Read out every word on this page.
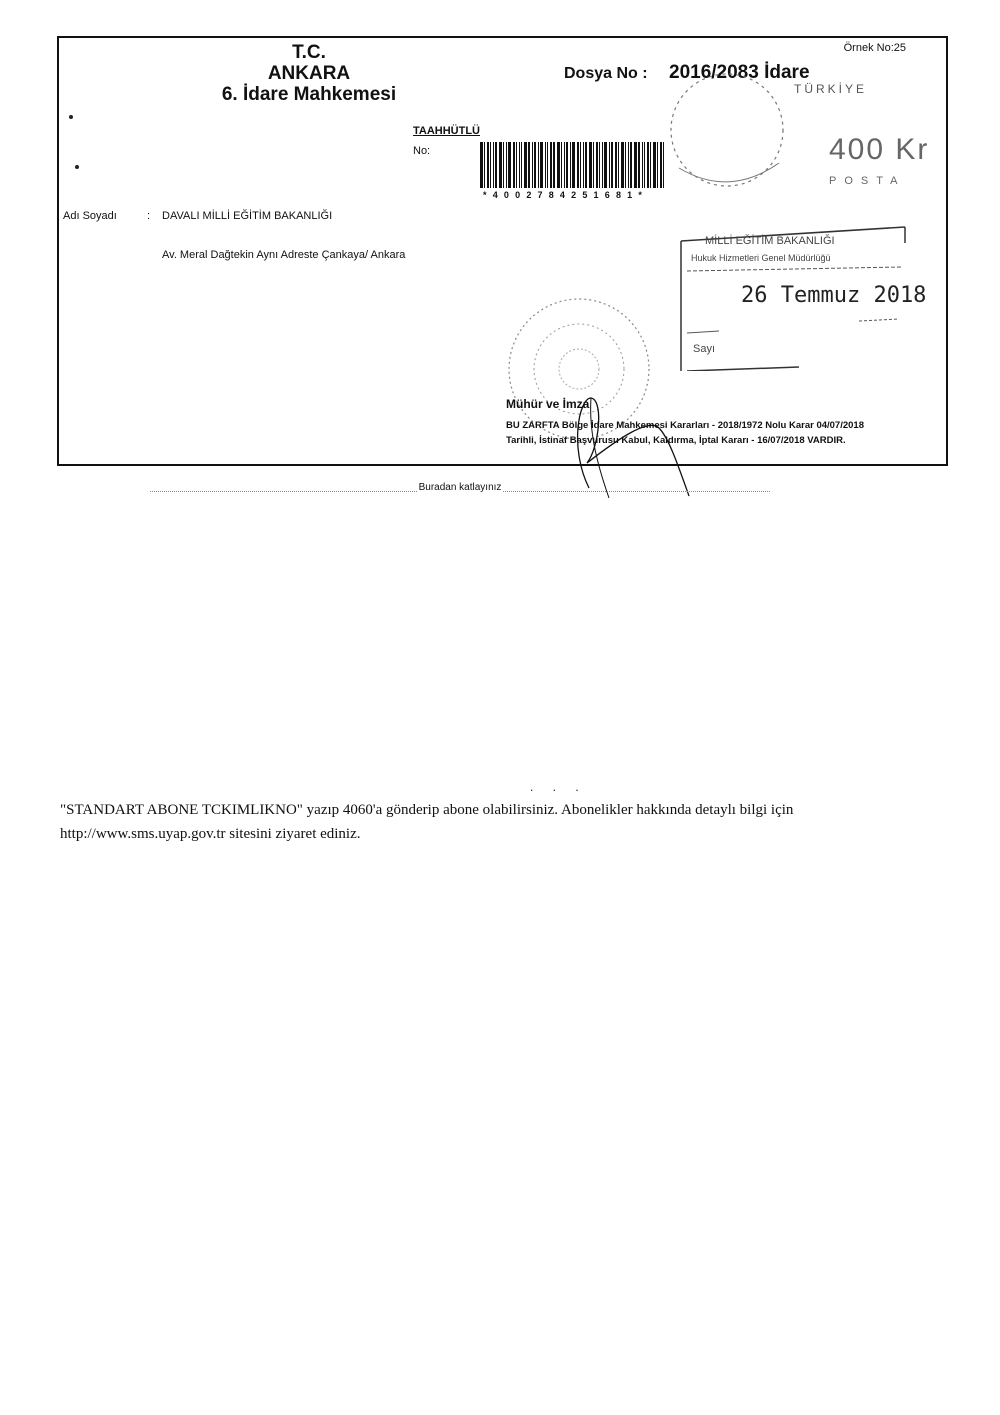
T.C.
ANKARA
6. İdare Mahkemesi
Örnek No:25
Dosya No : 2016/2083 İdare
TAAHHÜTLÜ
No:
*400278425​1681*
TÜRKİYE
400 Kr
POSTA
Adı Soyadı	: DAVALI MİLLİ EĞİTİM BAKANLIĞI
Av. Meral Dağtekin Aynı Adreste Çankaya/ Ankara
MİLLİ EĞİTİM BAKANLIĞI
Hukuk Hizmetleri Genel Müdürlüğü
26 Temmuz 2018
Sayı
Mühür ve İmza
BU ZARFTA Bölge İdare Mahkemesi Kararları - 2018/1972 Nolu Karar 04/07/2018
Tarihli, İstinaf Başvurusu Kabul, Kaldırma, İptal Kararı - 16/07/2018 VARDIR.
Buradan katlayınız
. . .
"STANDART ABONE TCKIMLIKNO" yazıp 4060'a gönderip abone olabilirsiniz. Abonelikler hakkında detaylı bilgi için
http://www.sms.uyap.gov.tr sitesini ziyaret ediniz.
